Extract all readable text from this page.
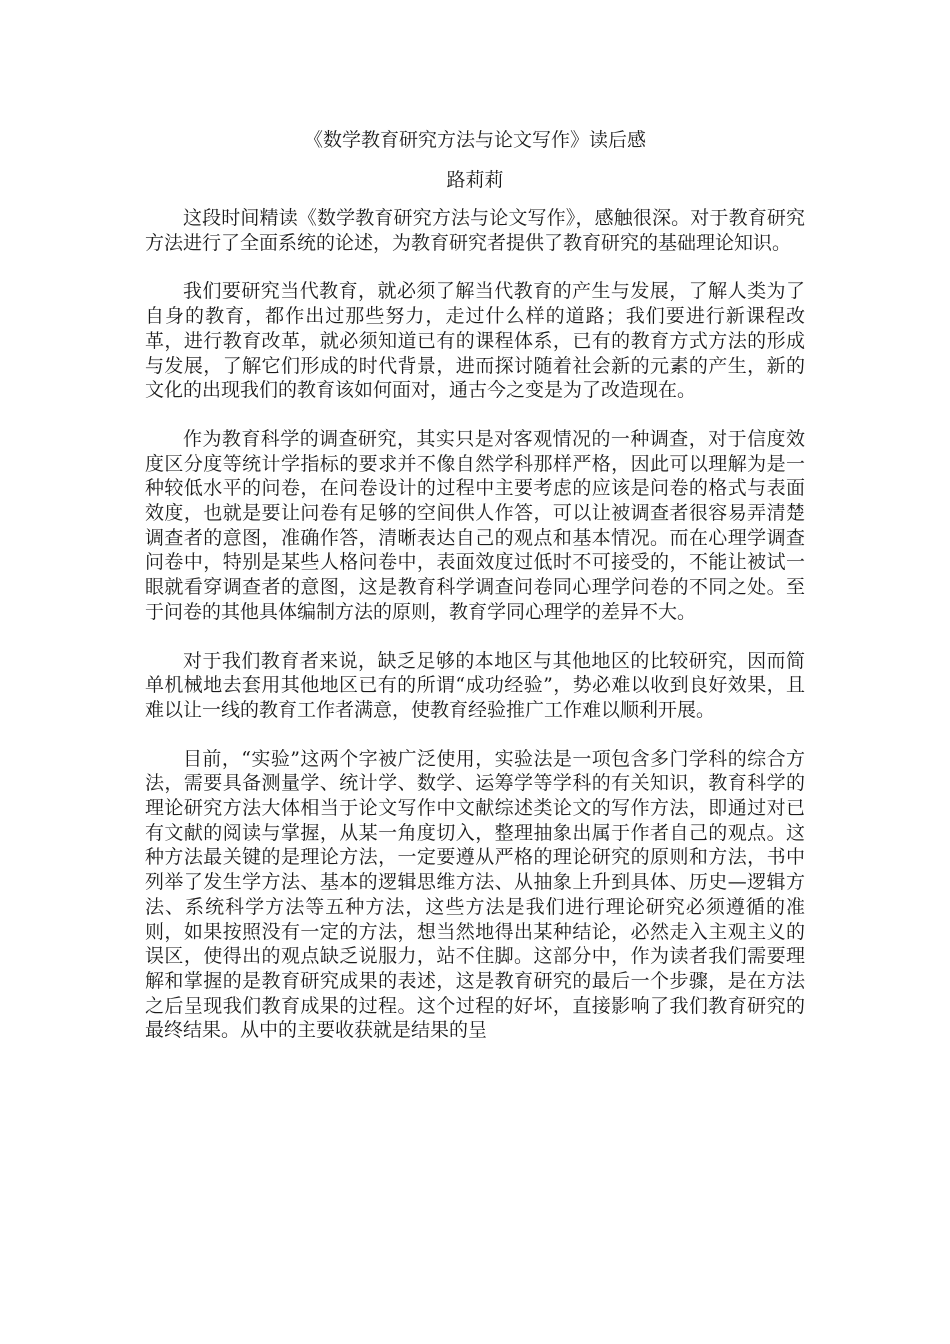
《数学教育研究方法与论文写作》读后感
路莉莉

这段时间精读《数学教育研究方法与论文写作》，感触很深。对于教育研究方法进行了全面系统的论述，为教育研究者提供了教育研究的基础理论知识。

我们要研究当代教育，就必须了解当代教育的产生与发展，了解人类为了自身的教育，都作出过那些努力，走过什么样的道路；我们要进行新课程改革，进行教育改革，就必须知道已有的课程体系，已有的教育方式方法的形成与发展，了解它们形成的时代背景，进而探讨随着社会新的元素的产生，新的文化的出现我们的教育该如何面对，通古今之变是为了改造现在。

作为教育科学的调查研究，其实只是对客观情况的一种调查，对于信度效度区分度等统计学指标的要求并不像自然学科那样严格，因此可以理解为是一种较低水平的问卷，在问卷设计的过程中主要考虑的应该是问卷的格式与表面效度，也就是要让问卷有足够的空间供人作答，可以让被调查者很容易弄清楚调查者的意图，准确作答，清晰表达自己的观点和基本情况。而在心理学调查问卷中，特别是某些人格问卷中，表面效度过低时不可接受的，不能让被试一眼就看穿调查者的意图，这是教育科学调查问卷同心理学问卷的不同之处。至于问卷的其他具体编制方法的原则，教育学同心理学的差异不大。

对于我们教育者来说，缺乏足够的本地区与其他地区的比较研究，因而简单机械地去套用其他地区已有的所谓“成功经验”，势必难以收到良好效果，且难以让一线的教育工作者满意，使教育经验推广工作难以顺利开展。

目前，“实验”这两个字被广泛使用，实验法是一项包含多门学科的综合方法，需要具备测量学、统计学、数学、运筹学等学科的有关知识，教育科学的理论研究方法大体相当于论文写作中文献综述类论文的写作方法，即通过对已有文献的阅读与掌握，从某一角度切入，整理抽象出属于作者自己的观点。这种方法最关键的是理论方法，一定要遵从严格的理论研究的原则和方法，书中列举了发生学方法、基本的逻辑思维方法、从抽象上升到具体、历史—逻辑方法、系统科学方法等五种方法，这些方法是我们进行理论研究必须遵循的准则，如果按照没有一定的方法，想当然地得出某种结论，必然走入主观主义的误区，使得出的观点缺乏说服力，站不住脚。这部分中，作为读者我们需要理解和掌握的是教育研究成果的表述，这是教育研究的最后一个步骤，是在方法之后呈现我们教育成果的过程。这个过程的好坏，直接影响了我们教育研究的最终结果。从中的主要收获就是结果的呈
